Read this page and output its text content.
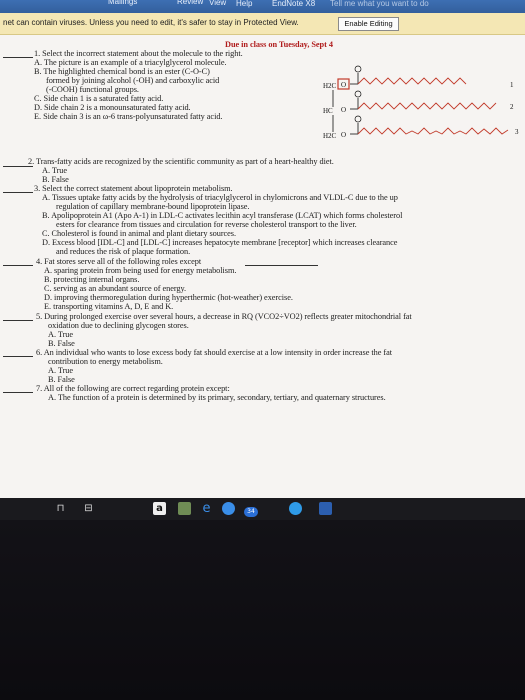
Mailings	Review View Help EndNote X8 Tell me what you want to do
net can contain viruses. Unless you need to edit, it's safer to stay in Protected View.	Enable Editing
Due in class on Tuesday, Sept 4
1. Select the incorrect statement about the molecule to the right.
A. The picture is an example of a triacylglycerol molecule.
B. The highlighted chemical bond is an ester (C-O-C)
formed by joining alcohol (-OH) and carboxylic acid
(-COOH) functional groups.
C. Side chain 1 is a saturated fatty acid.
D. Side chain 2 is a monounsaturated fatty acid.
E. Side chain 3 is an ω-6 trans-polyunsaturated fatty acid.
H2C
HC
H2C
O
O
O
1
2
3
2. Trans-fatty acids are recognized by the scientific community as part of a heart-healthy diet.
A. True
B. False
3. Select the correct statement about lipoprotein metabolism.
A. Tissues uptake fatty acids by the hydrolysis of triacylglycerol in chylomicrons and VLDL-C due to the up
regulation of capillary membrane-bound lipoprotein lipase.
B. Apolipoprotein A1 (Apo A-1) in LDL-C activates lecithin acyl transferase (LCAT) which forms cholesterol
esters for clearance from tissues and circulation for reverse cholesterol transport to the liver.
C. Cholesterol is found in animal and plant dietary sources.
D. Excess blood [IDL-C] and [LDL-C] increases hepatocyte membrane [receptor] which increases clearance
and reduces the risk of plaque formation.
4. Fat stores serve all of the following roles except
A. sparing protein from being used for energy metabolism.
B. protecting internal organs.
C. serving as an abundant source of energy.
D. improving thermoregulation during hyperthermic (hot-weather) exercise.
E. transporting vitamins A, D, E and K.
5. During prolonged exercise over several hours, a decrease in RQ (VCO2÷VO2) reflects greater mitochondrial fat
oxidation due to declining glycogen stores.
A. True
B. False
6. An individual who wants to lose excess body fat should exercise at a low intensity in order increase the fat
contribution to energy metabolism.
A. True
B. False
7. All of the following are correct regarding protein except:
A. The function of a protein is determined by its primary, secondary, tertiary, and quaternary structures.
⊓ ⊟	a	e	34
